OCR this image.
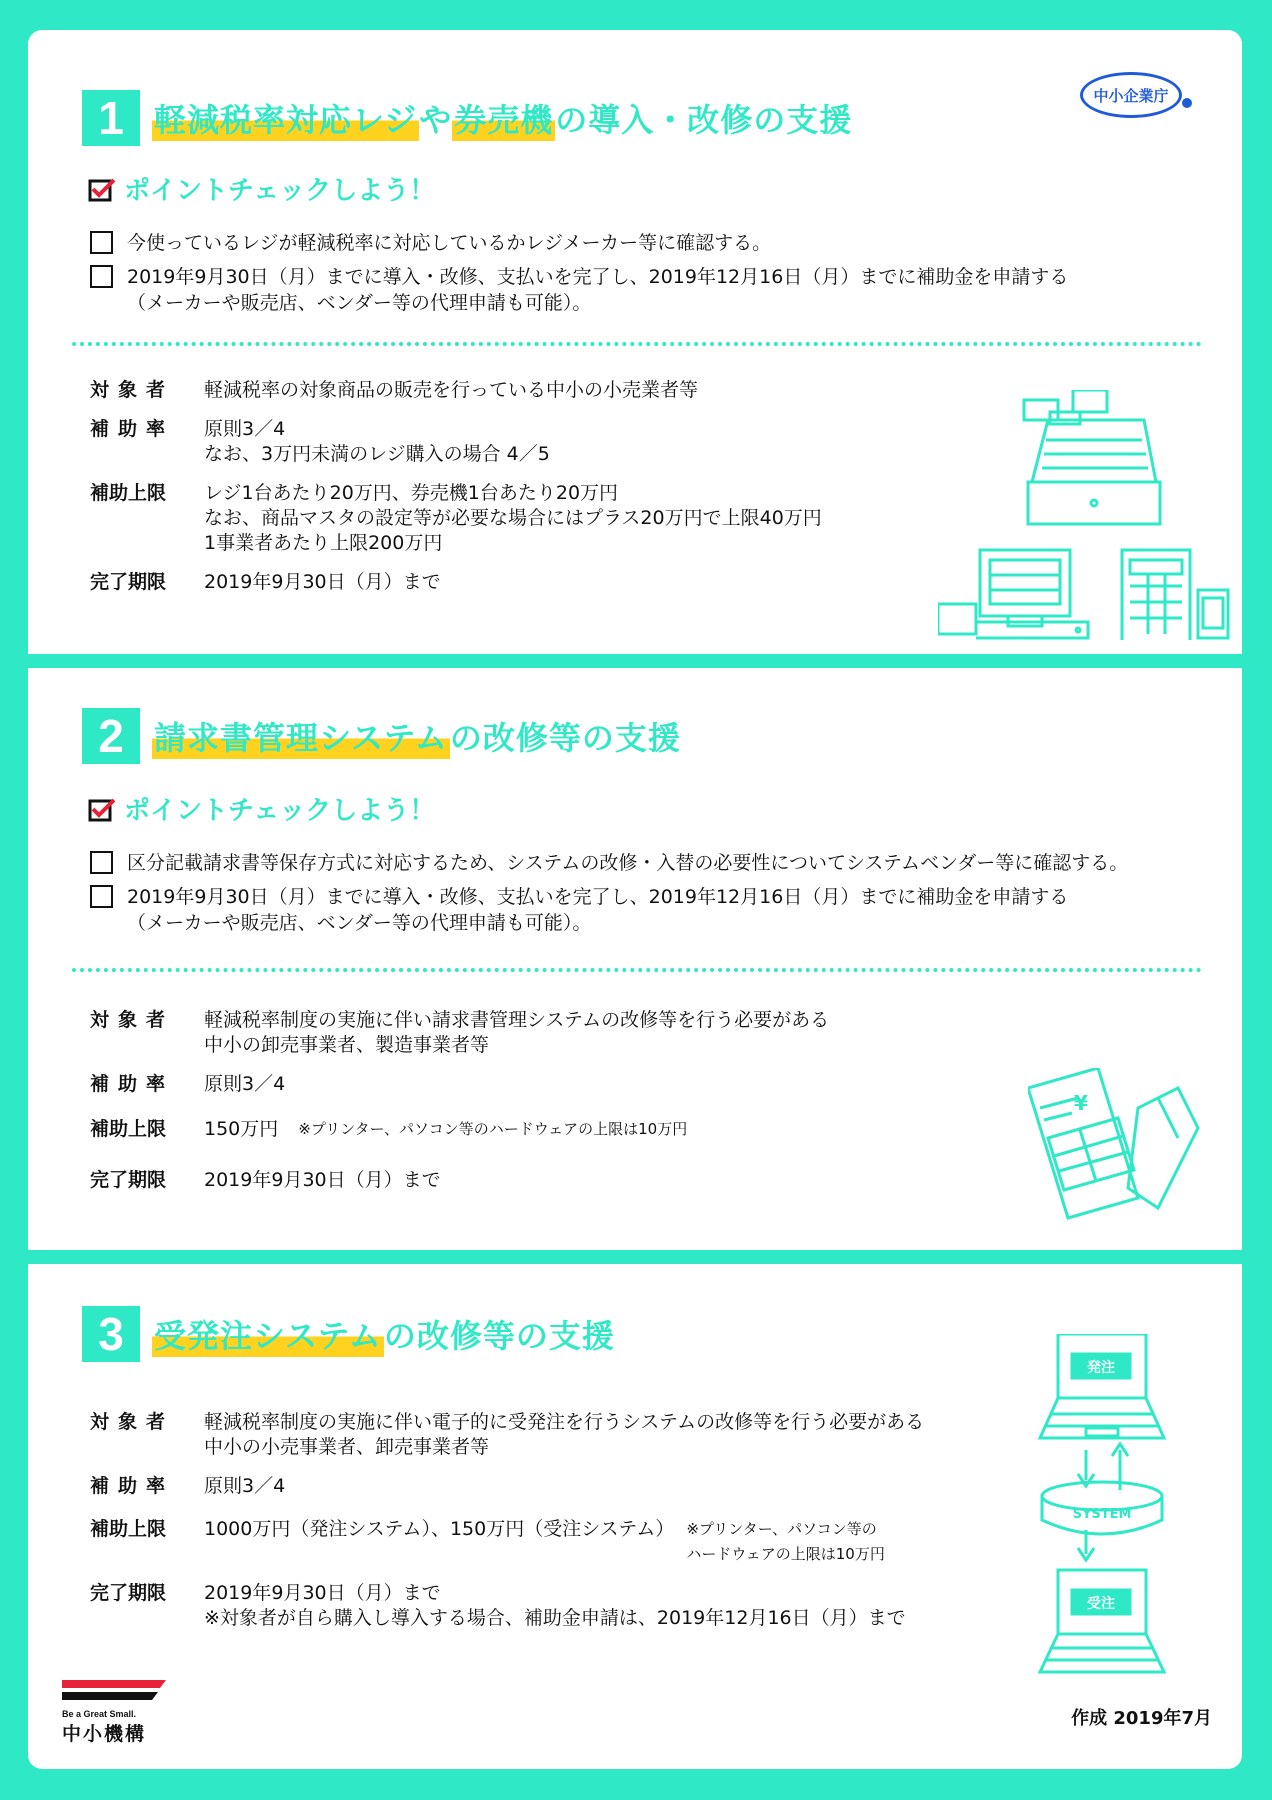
1 軽減税率対応レジ や 券売機 の導入・改修の支援
中小企業庁
ポイントチェックしよう！
今使っているレジが軽減税率に対応しているかレジメーカー等に確認する。
2019年9月30日（月）までに導入・改修、支払いを完了し、2019年12月16日（月）までに補助金を申請する
（メーカーや販売店、ベンダー等の代理申請も可能）。
対象者	軽減税率の対象商品の販売を行っている中小の小売業者等
補助率	原則3／4
なお、3万円未満のレジ購入の場合 4／5
補助上限	レジ1台あたり20万円、券売機1台あたり20万円
なお、商品マスタの設定等が必要な場合にはプラス20万円で上限40万円
1事業者あたり上限200万円
完了期限	2019年9月30日（月）まで
2 請求書管理システム の改修等の支援
ポイントチェックしよう！
区分記載請求書等保存方式に対応するため、システムの改修・入替の必要性についてシステムベンダー等に確認する。
2019年9月30日（月）までに導入・改修、支払いを完了し、2019年12月16日（月）までに補助金を申請する
（メーカーや販売店、ベンダー等の代理申請も可能）。
対象者	軽減税率制度の実施に伴い請求書管理システムの改修等を行う必要がある
中小の卸売事業者、製造事業者等
補助率	原則3／4
補助上限	150万円 ※プリンター、パソコン等のハードウェアの上限は10万円
完了期限	2019年9月30日（月）まで
¥
3 受発注システム の改修等の支援
対象者	軽減税率制度の実施に伴い電子的に受発注を行うシステムの改修等を行う必要がある
中小の小売事業者、卸売事業者等
補助率	原則3／4
補助上限	1000万円（発注システム）、150万円（受注システム） ※プリンター、パソコン等の
ハードウェアの上限は10万円
完了期限	2019年9月30日（月）まで
※対象者が自ら購入し導入する場合、補助金申請は、2019年12月16日（月）まで
発注
SYSTEM
受注
Be a Great Small.
中小機構
作成 2019年7月
